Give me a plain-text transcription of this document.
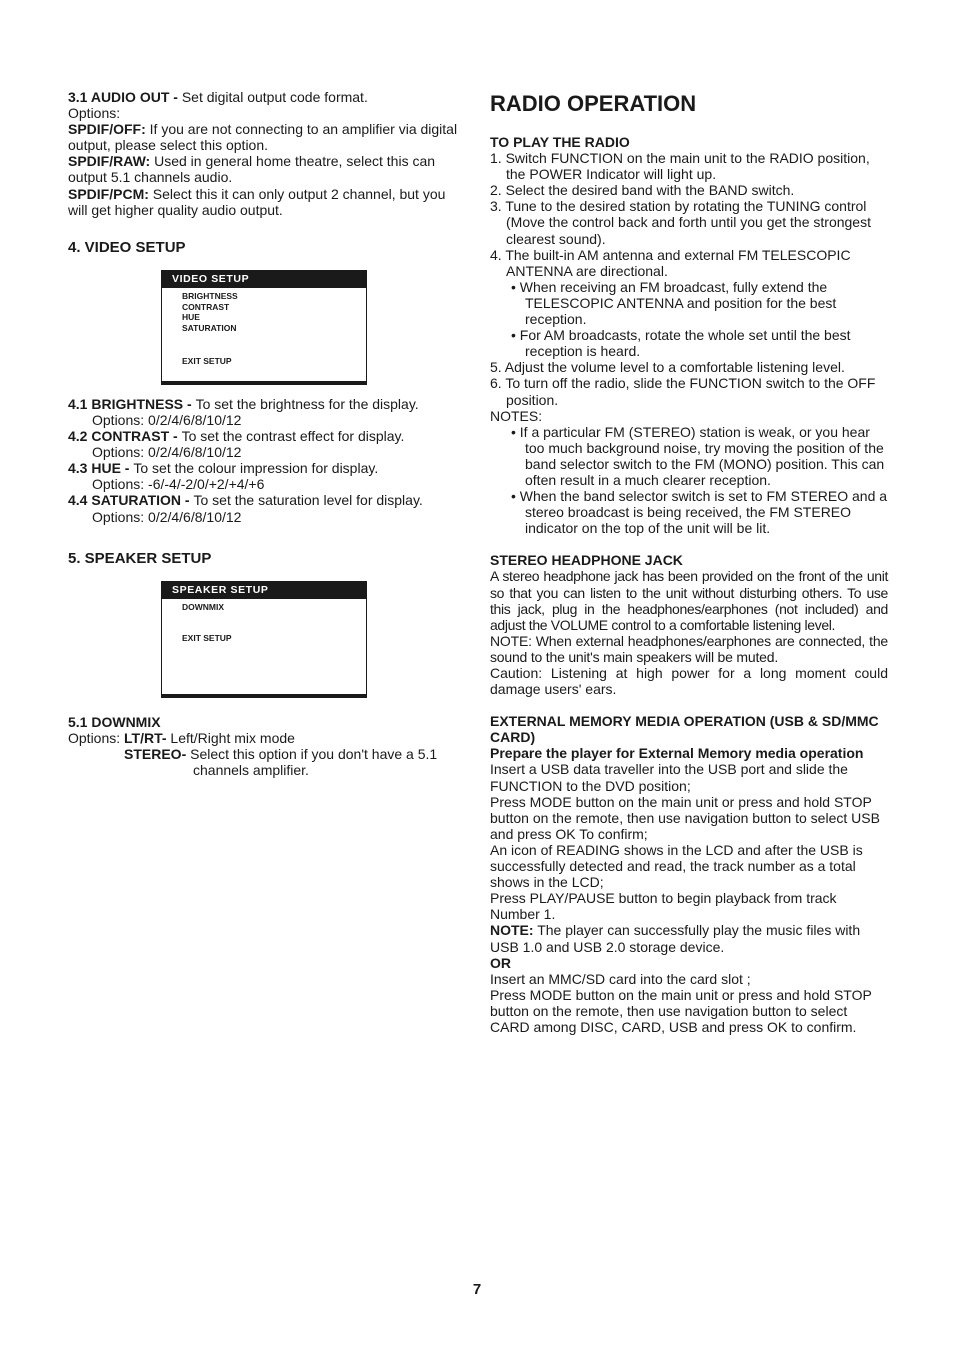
3.1 AUDIO OUT - Set digital output code format.

Options:

SPDIF/OFF: If you are not connecting to an amplifier via digital output, please select this option.

SPDIF/RAW: Used in general home theatre, select this can output 5.1 channels audio.

SPDIF/PCM: Select this it can only output 2 channel, but you will get higher quality audio output.

4. VIDEO SETUP
VIDEO SETUP
BRIGHTNESS
CONTRAST
HUE
SATURATION
EXIT SETUP

4.1 BRIGHTNESS - To set the brightness for the display.

Options: 0/2/4/6/8/10/12

4.2 CONTRAST - To set the contrast effect for display.

Options: 0/2/4/6/8/10/12

4.3 HUE - To set the colour impression for display.

Options: -6/-4/-2/0/+2/+4/+6

4.4 SATURATION - To set the saturation level for display.

Options: 0/2/4/6/8/10/12

5. SPEAKER SETUP
SPEAKER SETUP
DOWNMIX
EXIT SETUP

5.1 DOWNMIX

Options: LT/RT- Left/Right mix mode

STEREO- Select this option if you don't have a 5.1 channels amplifier.

RADIO OPERATION

TO PLAY THE RADIO

1. Switch FUNCTION on the main unit to the RADIO position, the POWER Indicator will light up.

2. Select the desired band with the BAND switch.

3. Tune to the desired station by rotating the TUNING control (Move the control back and forth until you get the strongest clearest sound).

4. The built-in AM antenna and external FM TELESCOPIC ANTENNA are directional.

• When receiving an FM broadcast, fully extend the TELESCOPIC ANTENNA and position for the best reception.

• For AM broadcasts, rotate the whole set until the best reception is heard.

5. Adjust the volume level to a comfortable listening level.

6. To turn off the radio, slide the FUNCTION switch to the OFF position.

NOTES:

• If a particular FM (STEREO) station is weak, or you hear too much background noise, try moving the position of the band selector switch to the FM (MONO) position. This can often result in a much clearer reception.

• When the band selector switch is set to FM STEREO and a stereo broadcast is being received, the FM STEREO indicator on the top of the unit will be lit.

STEREO HEADPHONE JACK

A stereo headphone jack has been provided on the front of the unit so that you can listen to the unit without disturbing others. To use this jack, plug in the headphones/earphones (not included) and adjust the VOLUME control to a comfortable listening level.

NOTE: When external headphones/earphones are connected, the sound to the unit's main speakers will be muted.

Caution: Listening at high power for a long moment could damage users' ears.

EXTERNAL MEMORY MEDIA OPERATION (USB & SD/MMC CARD)

Prepare the player for External Memory media operation

Insert a USB data traveller into the USB port and slide the FUNCTION to the DVD position;

Press MODE button on the main unit or press and hold STOP button on the remote, then use navigation button to select USB and press OK To confirm;

An icon of READING shows in the LCD and after the USB is successfully detected and read, the track number as a total shows in the LCD;

Press PLAY/PAUSE button to begin playback from track Number 1.

NOTE: The player can successfully play the music files with USB 1.0 and USB 2.0 storage device.

OR

Insert an MMC/SD card into the card slot ;

Press MODE button on the main unit or press and hold STOP button on the remote, then use navigation button to select CARD among DISC, CARD, USB and press OK to confirm.

7
